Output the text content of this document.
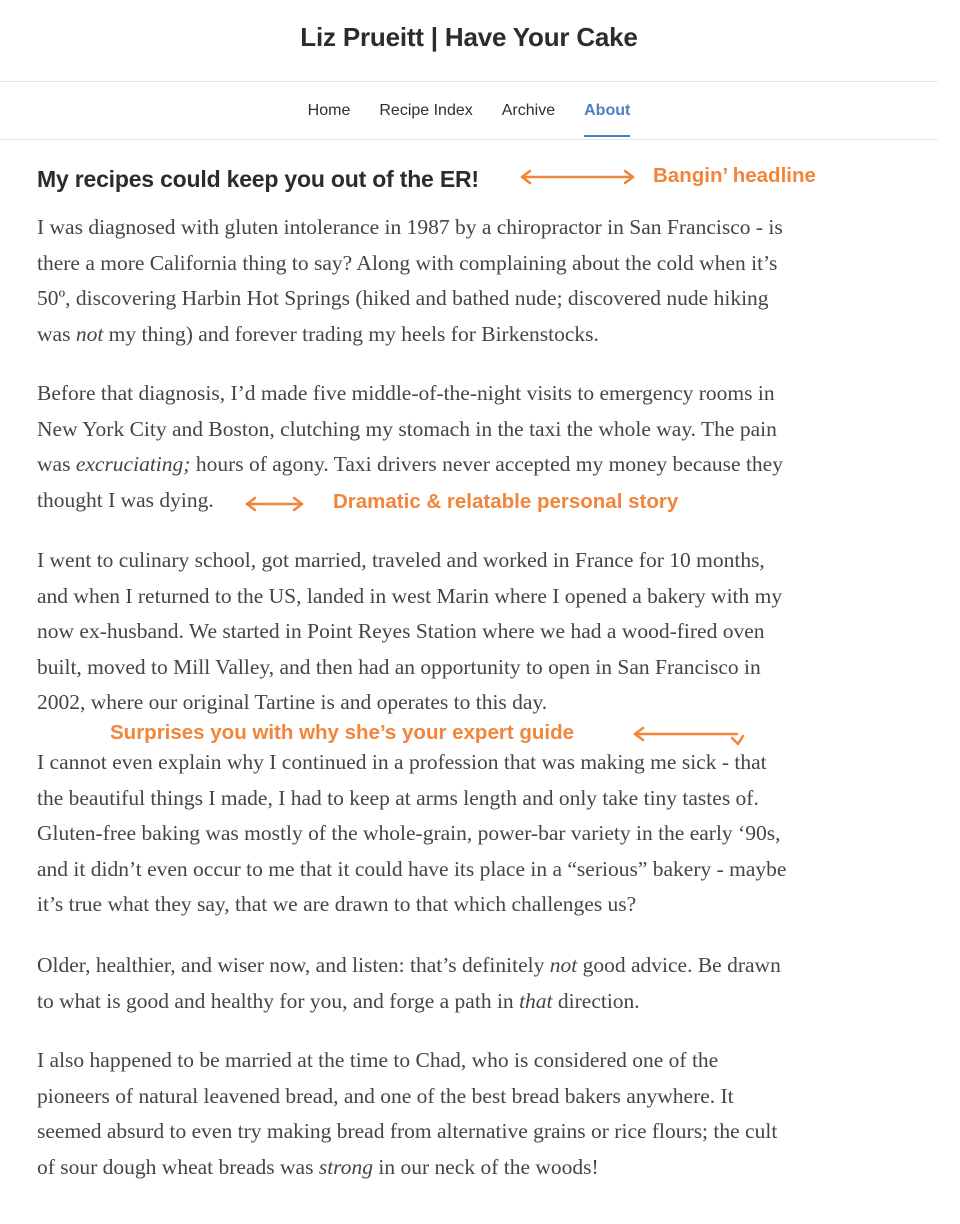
Liz Prueitt | Have Your Cake
Home Recipe Index Archive About
My recipes could keep you out of the ER!
I was diagnosed with gluten intolerance in 1987 by a chiropractor in San Francisco - is
there a more California thing to say? Along with complaining about the cold when it’s
50º, discovering Harbin Hot Springs (hiked and bathed nude; discovered nude hiking
was not my thing) and forever trading my heels for Birkenstocks.
Before that diagnosis, I’d made five middle-of-the-night visits to emergency rooms in
New York City and Boston, clutching my stomach in the taxi the whole way. The pain
was excruciating; hours of agony. Taxi drivers never accepted my money because they
thought I was dying.
I went to culinary school, got married, traveled and worked in France for 10 months,
and when I returned to the US, landed in west Marin where I opened a bakery with my
now ex-husband. We started in Point Reyes Station where we had a wood-fired oven
built, moved to Mill Valley, and then had an opportunity to open in San Francisco in
2002, where our original Tartine is and operates to this day.
I cannot even explain why I continued in a profession that was making me sick - that
the beautiful things I made, I had to keep at arms length and only take tiny tastes of.
Gluten-free baking was mostly of the whole-grain, power-bar variety in the early ‘90s,
and it didn’t even occur to me that it could have its place in a “serious” bakery - maybe
it’s true what they say, that we are drawn to that which challenges us?
Older, healthier, and wiser now, and listen: that’s definitely not good advice. Be drawn
to what is good and healthy for you, and forge a path in that direction.
I also happened to be married at the time to Chad, who is considered one of the
pioneers of natural leavened bread, and one of the best bread bakers anywhere. It
seemed absurd to even try making bread from alternative grains or rice flours; the cult
of sour dough wheat breads was strong in our neck of the woods!
Bangin’ headline
Dramatic & relatable personal story
Surprises you with why she’s your expert guide
